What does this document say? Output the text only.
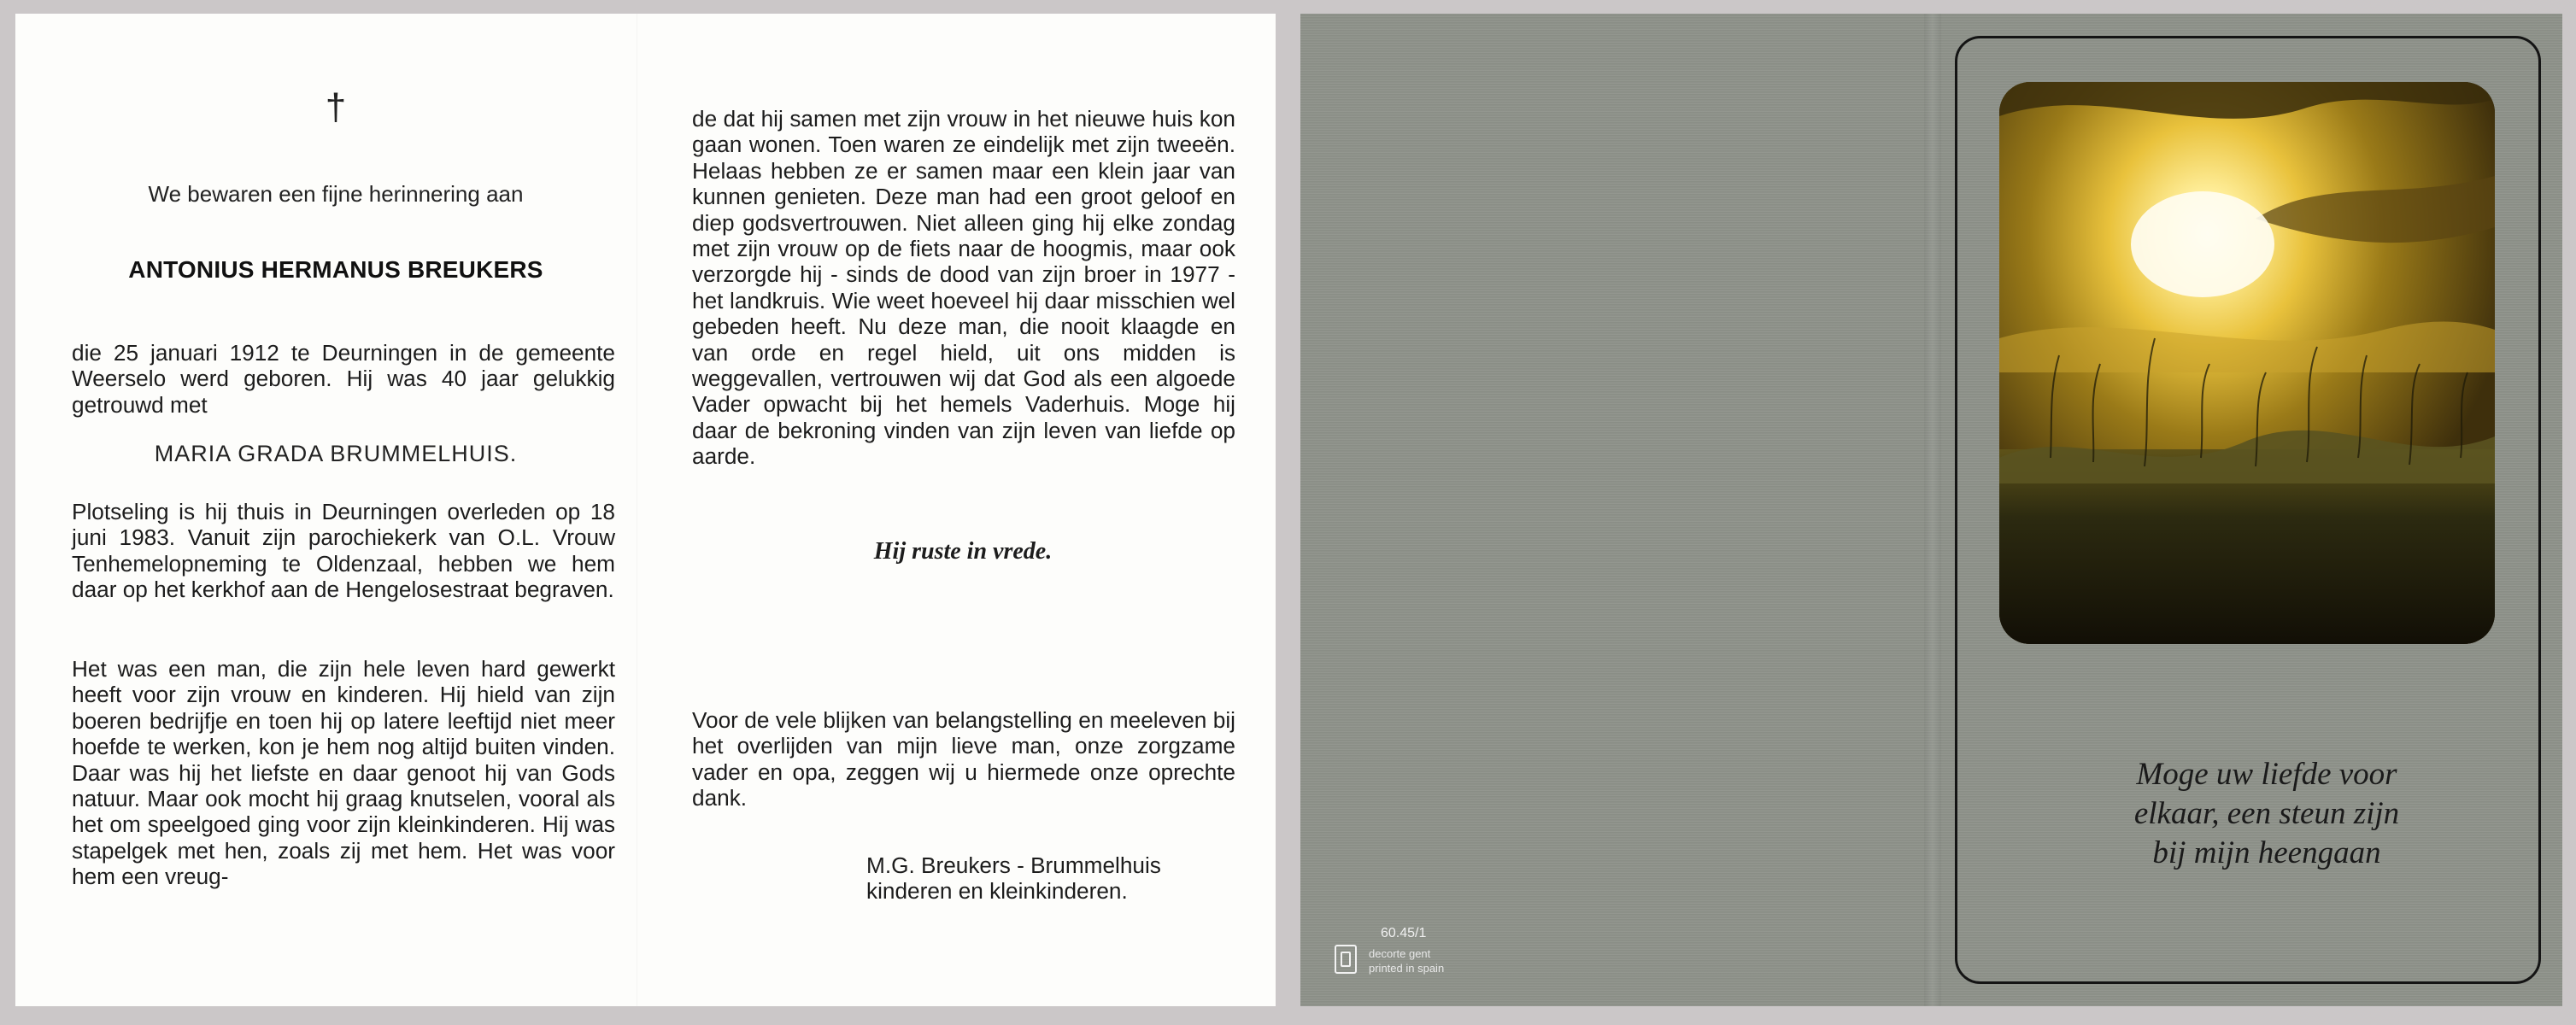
†
We bewaren een fijne herinnering aan
ANTONIUS HERMANUS BREUKERS
die 25 januari 1912 te Deurningen in de gemeente Weerselo werd geboren. Hij was 40 jaar gelukkig getrouwd met
MARIA GRADA BRUMMELHUIS.
Plotseling is hij thuis in Deurningen overleden op 18 juni 1983. Vanuit zijn parochiekerk van O.L. Vrouw Tenhemelopneming te Oldenzaal, hebben we hem daar op het kerkhof aan de Hengelosestraat begraven.
Het was een man, die zijn hele leven hard gewerkt heeft voor zijn vrouw en kinderen. Hij hield van zijn boeren bedrijfje en toen hij op latere leeftijd niet meer hoefde te werken, kon je hem nog altijd buiten vinden. Daar was hij het liefste en daar genoot hij van Gods natuur. Maar ook mocht hij graag knutselen, vooral als het om speelgoed ging voor zijn kleinkinderen. Hij was stapelgek met hen, zoals zij met hem. Het was voor hem een vreug-
de dat hij samen met zijn vrouw in het nieuwe huis kon gaan wonen. Toen waren ze eindelijk met zijn tweeën. Helaas hebben ze er samen maar een klein jaar van kunnen genieten. Deze man had een groot geloof en diep godsvertrouwen. Niet alleen ging hij elke zondag met zijn vrouw op de fiets naar de hoogmis, maar ook verzorgde hij - sinds de dood van zijn broer in 1977 - het landkruis. Wie weet hoeveel hij daar misschien wel gebeden heeft. Nu deze man, die nooit klaagde en van orde en regel hield, uit ons midden is weggevallen, vertrouwen wij dat God als een algoede Vader opwacht bij het hemels Vaderhuis. Moge hij daar de bekroning vinden van zijn leven van liefde op aarde.
Hij ruste in vrede.
Voor de vele blijken van belangstelling en meeleven bij het overlijden van mijn lieve man, onze zorgzame vader en opa, zeggen wij u hiermede onze oprechte dank.
M.G. Breukers - Brummelhuis
kinderen en kleinkinderen.
Moge uw liefde voor
elkaar, een steun zijn
bij mijn heengaan
60.45/1
decorte gent
printed in spain
